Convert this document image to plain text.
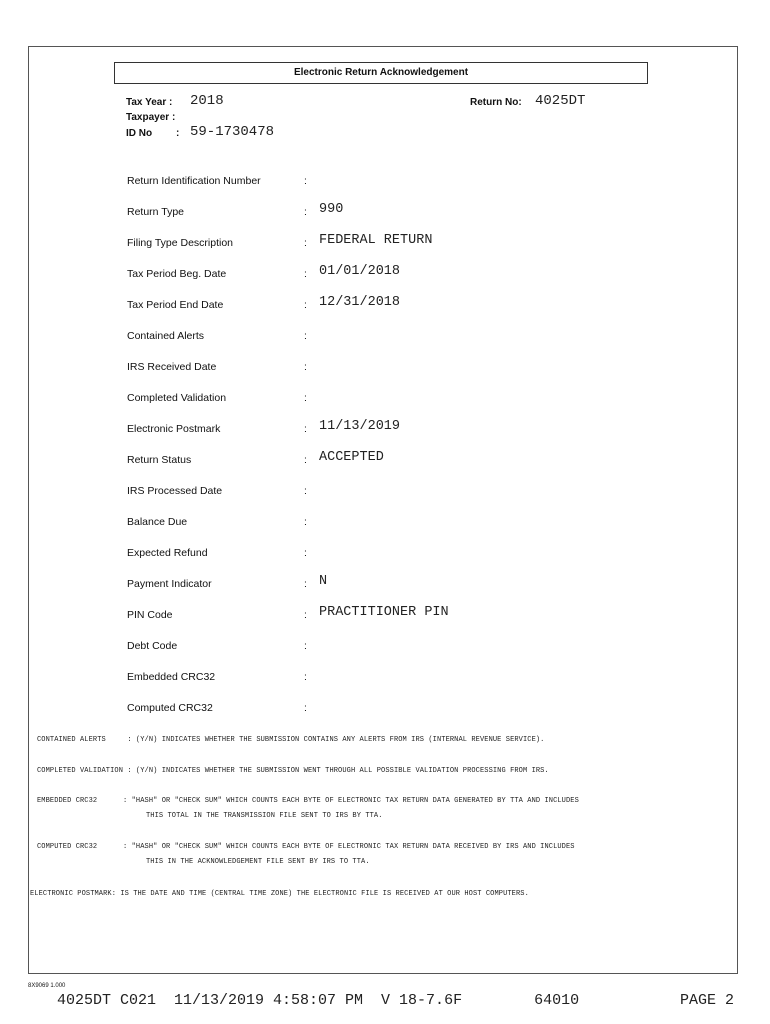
Electronic Return Acknowledgement
Tax Year : 2018	Return No: 4025DT
Taxpayer :
ID No : 59-1730478
Return Identification Number	:
Return Type	: 990
Filing Type Description	: FEDERAL RETURN
Tax Period Beg. Date	: 01/01/2018
Tax Period End Date	: 12/31/2018
Contained Alerts	:
IRS Received Date	:
Completed Validation	:
Electronic Postmark	: 11/13/2019
Return Status	: ACCEPTED
IRS Processed Date	:
Balance Due	:
Expected Refund	:
Payment Indicator	: N
PIN Code	: PRACTITIONER PIN
Debt Code	:
Embedded CRC32	:
Computed CRC32	:
CONTAINED ALERTS     : (Y/N) INDICATES WHETHER THE SUBMISSION CONTAINS ANY ALERTS FROM IRS (INTERNAL REVENUE SERVICE).
COMPLETED VALIDATION : (Y/N) INDICATES WHETHER THE SUBMISSION WENT THROUGH ALL POSSIBLE VALIDATION PROCESSING FROM IRS.
EMBEDDED CRC32      : "HASH" OR "CHECK SUM" WHICH COUNTS EACH BYTE OF ELECTRONIC TAX RETURN DATA GENERATED BY TTA AND INCLUDES
THIS TOTAL IN THE TRANSMISSION FILE SENT TO IRS BY TTA.
COMPUTED CRC32      : "HASH" OR "CHECK SUM" WHICH COUNTS EACH BYTE OF ELECTRONIC TAX RETURN DATA RECEIVED BY IRS AND INCLUDES
THIS IN THE ACKNOWLEDGEMENT FILE SENT BY IRS TO TTA.
ELECTRONIC POSTMARK: IS THE DATE AND TIME (CENTRAL TIME ZONE) THE ELECTRONIC FILE IS RECEIVED AT OUR HOST COMPUTERS.
8X9069 1.000
4025DT C021  11/13/2019 4:58:07 PM  V 18-7.6F        64010	PAGE 2
